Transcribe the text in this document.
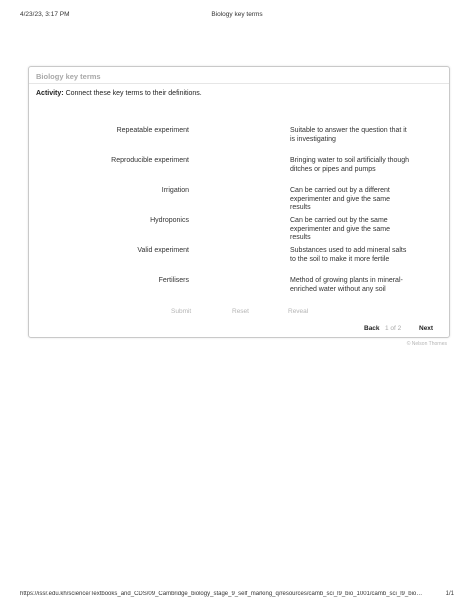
4/23/23, 3:17 PM	Biology key terms
Biology key terms
Activity: Connect these key terms to their definitions.
Repeatable experiment
Reproducible experiment
Irrigation
Hydroponics
Valid experiment
Fertilisers
Suitable to answer the question that it is investigating
Bringing water to soil artificially though ditches or pipes and pumps
Can be carried out by a different experimenter and give the same results
Can be carried out by the same experimenter and give the same results
Substances used to add mineral salts to the soil to make it more fertile
Method of growing plants in mineral-enriched water without any soil
Submit	Reset	Reveal
Back 1 of 2	Next
© Nelson Thornes
https://issr.edu.kh/science/Textbooks_and_CDS/09_Cambridge_biology_stage_9_self_marking_q/resources/camb_sci_l9_bio_1001/camb_sci_l9_bio…	1/1
